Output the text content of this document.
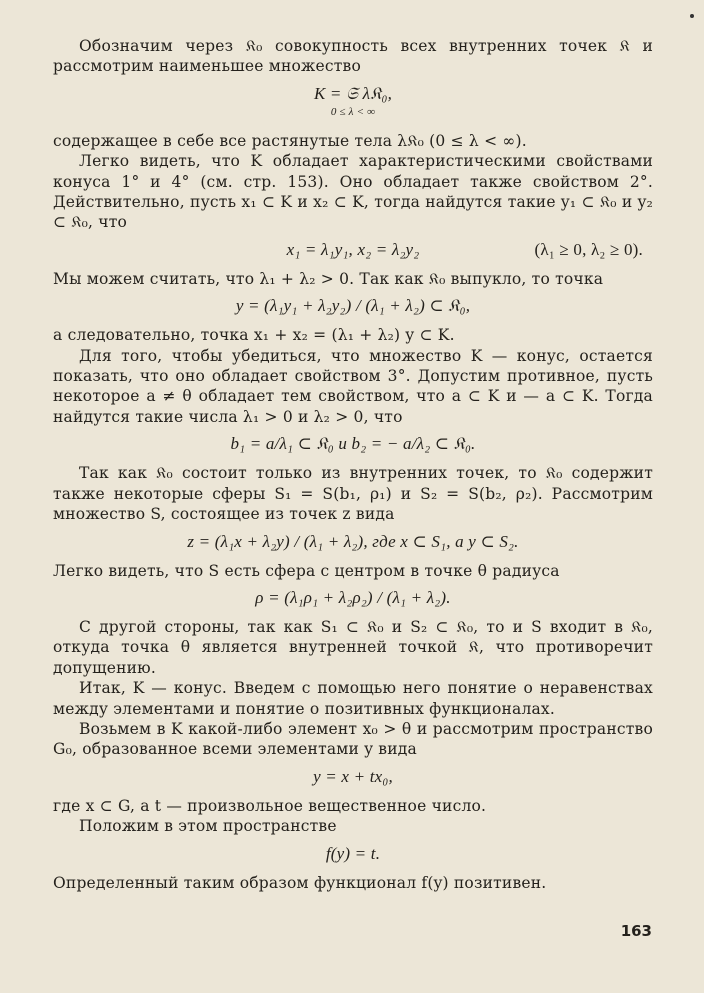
Обозначим через 𝔎₀ совокупность всех внутренних точек 𝔎 и рассмотрим наименьшее множество

K = 𝔖 λ𝔎₀,
0 ≤ λ < ∞

содержащее в себе все растянутые тела λ𝔎₀ (0 ≤ λ < ∞).

Легко видеть, что K обладает характеристическими свойствами конуса 1° и 4° (см. стр. 153). Оно обладает также свойством 2°. Действительно, пусть x₁ ⊂ K и x₂ ⊂ K, тогда найдутся такие y₁ ⊂ 𝔎₀ и y₂ ⊂ 𝔎₀, что

x₁ = λ₁y₁, x₂ = λ₂y₂	(λ₁ ≥ 0, λ₂ ≥ 0).

Мы можем считать, что λ₁ + λ₂ > 0. Так как 𝔎₀ выпукло, то точка

y = (λ₁y₁ + λ₂y₂) / (λ₁ + λ₂) ⊂ 𝔎₀,

а следовательно, точка x₁ + x₂ = (λ₁ + λ₂) y ⊂ K.

Для того, чтобы убедиться, что множество K — конус, остается показать, что оно обладает свойством 3°. Допустим противное, пусть некоторое a ≠ θ обладает тем свойством, что a ⊂ K и — a ⊂ K. Тогда найдутся такие числа λ₁ > 0 и λ₂ > 0, что

b₁ = a/λ₁ ⊂ 𝔎₀ и b₂ = − a/λ₂ ⊂ 𝔎₀.

Так как 𝔎₀ состоит только из внутренних точек, то 𝔎₀ содержит также некоторые сферы S₁ = S(b₁, ρ₁) и S₂ = S(b₂, ρ₂). Рассмотрим множество S, состоящее из точек z вида

z = (λ₁x + λ₂y) / (λ₁ + λ₂), где x ⊂ S₁, а y ⊂ S₂.

Легко видеть, что S есть сфера с центром в точке θ радиуса

ρ = (λ₁ρ₁ + λ₂ρ₂) / (λ₁ + λ₂).

С другой стороны, так как S₁ ⊂ 𝔎₀ и S₂ ⊂ 𝔎₀, то и S входит в 𝔎₀, откуда точка θ является внутренней точкой 𝔎, что противоречит допущению.

Итак, K — конус. Введем с помощью него понятие о неравенствах между элементами и понятие о позитивных функционалах.

Возьмем в K какой-либо элемент x₀ > θ и рассмотрим пространство G₀, образованное всеми элементами y вида

y = x + tx₀,

где x ⊂ G, а t — произвольное вещественное число.

Положим в этом пространстве

f(y) = t.

Определенный таким образом функционал f(y) позитивен.

163
